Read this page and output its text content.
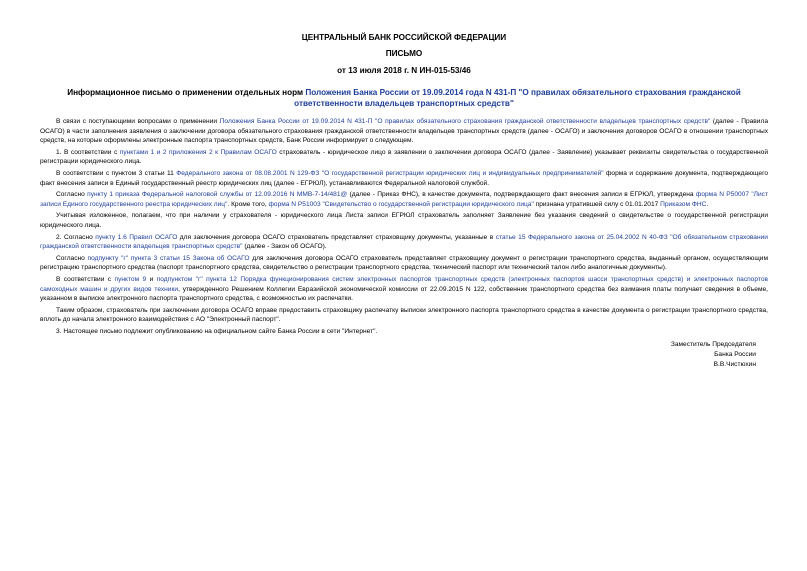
ЦЕНТРАЛЬНЫЙ БАНК РОССИЙСКОЙ ФЕДЕРАЦИИ
ПИСЬМО
от 13 июля 2018 г. N ИН-015-53/46
Информационное письмо о применении отдельных норм Положения Банка России от 19.09.2014 года N 431-П "О правилах обязательного страхования гражданской ответственности владельцев транспортных средств"

В связи с поступающими вопросами о применении Положения Банка России от 19.09.2014 N 431-П "О правилах обязательного страхования гражданской ответственности владельцев транспортных средств" (далее - Правила ОСАГО) в части заполнения заявления о заключении договора обязательного страхования гражданской ответственности владельцев транспортных средств (далее - ОСАГО) и заключения договоров ОСАГО в отношении транспортных средств, на которые оформлены электронные паспорта транспортных средств, Банк России информирует о следующем.

1. В соответствии с пунктами 1 и 2 приложения 2 к Правилам ОСАГО страхователь - юридическое лицо в заявлении о заключении договора ОСАГО (далее - Заявление) указывает реквизиты свидетельства о государственной регистрации юридического лица.

В соответствии с пунктом 3 статьи 11 Федерального закона от 08.08.2001 N 129-ФЗ "О государственной регистрации юридических лиц и индивидуальных предпринимателей" форма и содержание документа, подтверждающего факт внесения записи в Единый государственный реестр юридических лиц (далее - ЕГРЮЛ), устанавливаются Федеральной налоговой службой.

Согласно пункту 1 приказа Федеральной налоговой службы от 12.09.2016 N ММВ-7-14/481@ (далее - Приказ ФНС), в качестве документа, подтверждающего факт внесения записи в ЕГРЮЛ, утверждена форма N Р50007 "Лист записи Единого государственного реестра юридических лиц". Кроме того, форма N Р51003 "Свидетельство о государственной регистрации юридического лица" признана утратившей силу с 01.01.2017 Приказом ФНС.

Учитывая изложенное, полагаем, что при наличии у страхователя - юридического лица Листа записи ЕГРЮЛ страхователь заполняет Заявление без указания сведений о свидетельстве о государственной регистрации юридического лица.

2. Согласно пункту 1.6 Правил ОСАГО для заключения договора ОСАГО страхователь представляет страховщику документы, указанные в статье 15 Федерального закона от 25.04.2002 N 40-ФЗ "Об обязательном страховании гражданской ответственности владельцев транспортных средств" (далее - Закон об ОСАГО).

Согласно подпункту "г" пункта 3 статьи 15 Закона об ОСАГО для заключения договора ОСАГО страхователь представляет страховщику документ о регистрации транспортного средства, выданный органом, осуществляющим регистрацию транспортного средства (паспорт транспортного средства, свидетельство о регистрации транспортного средства, технический паспорт или технический талон либо аналогичные документы).

В соответствии с пунктом 9 и подпунктом "г" пункта 12 Порядка функционирования систем электронных паспортов транспортных средств (электронных паспортов шасси транспортных средств) и электронных паспортов самоходных машин и других видов техники, утвержденного Решением Коллегии Евразийской экономической комиссии от 22.09.2015 N 122, собственник транспортного средства без взимания платы получает сведения в объеме, указанном в выписке электронного паспорта транспортного средства, с возможностью их распечатки.

Таким образом, страхователь при заключении договора ОСАГО вправе предоставить страховщику распечатку выписки электронного паспорта транспортного средства в качестве документа о регистрации транспортного средства, вплоть до начала электронного взаимодействия с АО "Электронный паспорт".

3. Настоящее письмо подлежит опубликованию на официальном сайте Банка России в сети "Интернет".

Заместитель Председателя
Банка России
В.В.Чистюхин
